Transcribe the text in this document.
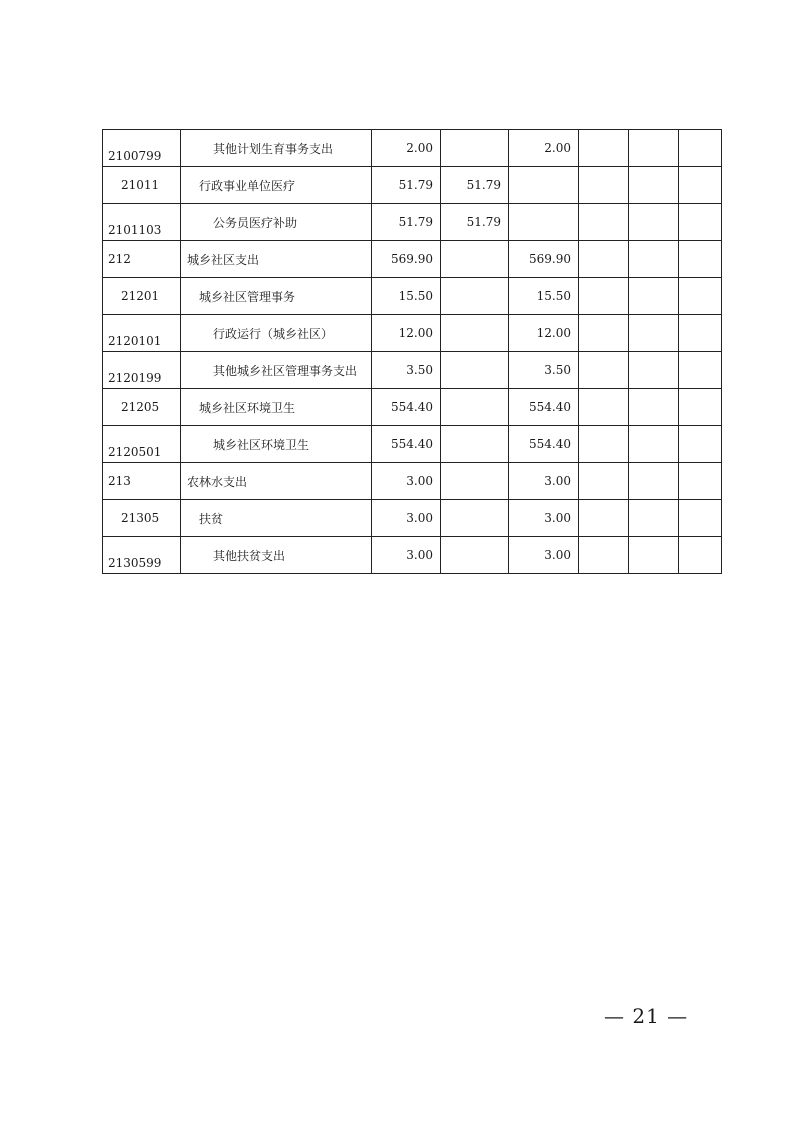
2100799	其他计划生育事务支出	2.00		2.00			
21011	行政事业单位医疗	51.79	51.79				
2101103	公务员医疗补助	51.79	51.79				
212	城乡社区支出	569.90		569.90			
21201	城乡社区管理事务	15.50		15.50			
2120101	行政运行（城乡社区）	12.00		12.00			
2120199	其他城乡社区管理事务支出	3.50		3.50			
21205	城乡社区环境卫生	554.40		554.40			
2120501	城乡社区环境卫生	554.40		554.40			
213	农林水支出	3.00		3.00			
21305	扶贫	3.00		3.00			
2130599	其他扶贫支出	3.00		3.00			
— 21 —
